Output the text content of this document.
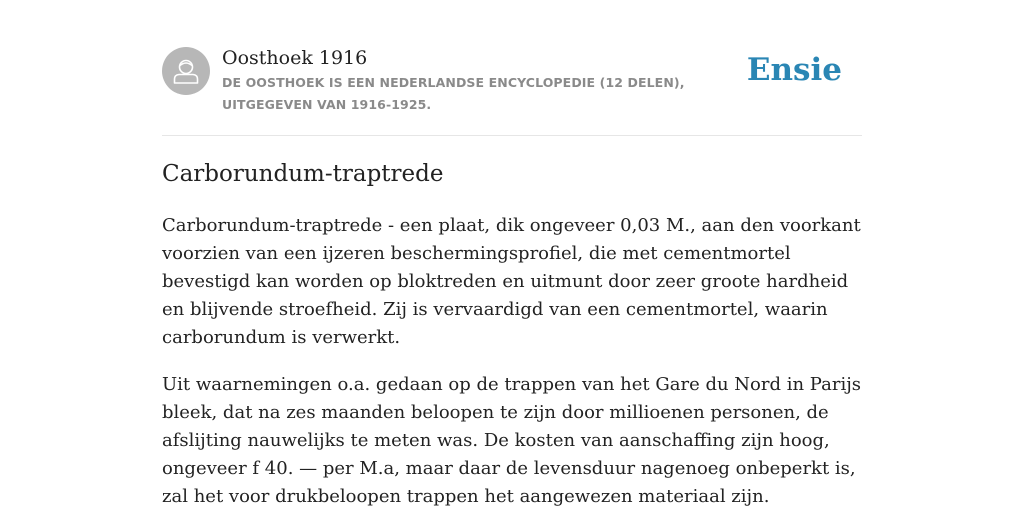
Oosthoek 1916
DE OOSTHOEK IS EEN NEDERLANDSE ENCYCLOPEDIE (12 DELEN), UITGEGEVEN VAN 1916-1925.
Ensie
Carborundum-traptrede

Carborundum-traptrede - een plaat, dik ongeveer 0,03 M., aan den voorkant voorzien van een ijzeren beschermingsprofiel, die met cementmortel bevestigd kan worden op bloktreden en uitmunt door zeer groote hardheid en blijvende stroefheid. Zij is vervaardigd van een cementmortel, waarin carborundum is verwerkt.

Uit waarnemingen o.a. gedaan op de trappen van het Gare du Nord in Parijs bleek, dat na zes maanden beloopen te zijn door millioenen personen, de afslijting nauwelijks te meten was. De kosten van aanschaffing zijn hoog, ongeveer f 40. — per M.a, maar daar de levensduur nagenoeg onbeperkt is, zal het voor drukbeloopen trappen het aangewezen materiaal zijn.
